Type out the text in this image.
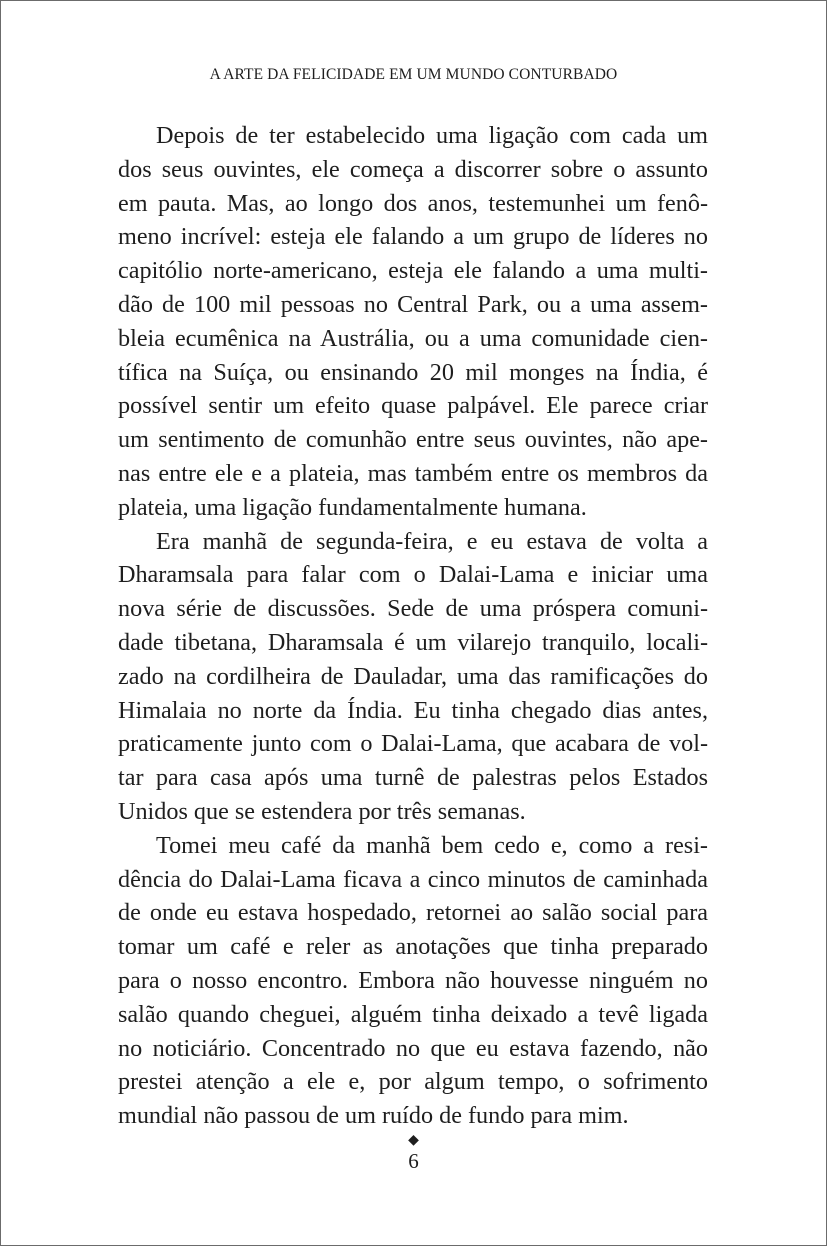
A ARTE DA FELICIDADE EM UM MUNDO CONTURBADO
Depois de ter estabelecido uma ligação com cada um
dos seus ouvintes, ele começa a discorrer sobre o assunto
em pauta. Mas, ao longo dos anos, testemunhei um fenô-
meno incrível: esteja ele falando a um grupo de líderes no
capitólio norte-americano, esteja ele falando a uma multi-
dão de 100 mil pessoas no Central Park, ou a uma assem-
bleia ecumênica na Austrália, ou a uma comunidade cien-
tífica na Suíça, ou ensinando 20 mil monges na Índia, é
possível sentir um efeito quase palpável. Ele parece criar
um sentimento de comunhão entre seus ouvintes, não ape-
nas entre ele e a plateia, mas também entre os membros da
plateia, uma ligação fundamentalmente humana.
Era manhã de segunda-feira, e eu estava de volta a
Dharamsala para falar com o Dalai-Lama e iniciar uma
nova série de discussões. Sede de uma próspera comuni-
dade tibetana, Dharamsala é um vilarejo tranquilo, locali-
zado na cordilheira de Dauladar, uma das ramificações do
Himalaia no norte da Índia. Eu tinha chegado dias antes,
praticamente junto com o Dalai-Lama, que acabara de vol-
tar para casa após uma turnê de palestras pelos Estados
Unidos que se estendera por três semanas.
Tomei meu café da manhã bem cedo e, como a resi-
dência do Dalai-Lama ficava a cinco minutos de caminhada
de onde eu estava hospedado, retornei ao salão social para
tomar um café e reler as anotações que tinha preparado
para o nosso encontro. Embora não houvesse ninguém no
salão quando cheguei, alguém tinha deixado a tevê ligada
no noticiário. Concentrado no que eu estava fazendo, não
prestei atenção a ele e, por algum tempo, o sofrimento
mundial não passou de um ruído de fundo para mim.
◆
6
